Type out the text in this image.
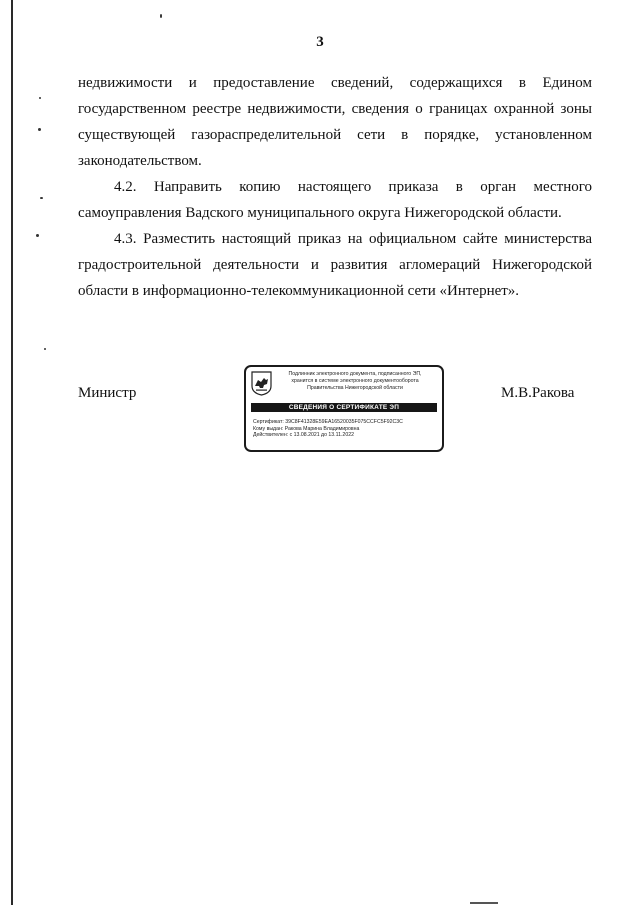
3

недвижимости и предоставление сведений, содержащихся в Едином

государственном реестре недвижимости, сведения о границах охранной зоны

существующей газораспределительной сети в порядке, установленном

законодательством.

4.2. Направить копию настоящего приказа в орган местного самоуправления Вадского муниципального округа Нижегородской области.

4.3. Разместить настоящий приказ на официальном сайте министерства градостроительной деятельности и развития агломераций Нижегородской области в информационно-телекоммуникационной сети «Интернет».

Министр	М.В.Ракова
Подлинник электронного документа, подписанного ЭП,
хранится в системе электронного документооборота
Правительства Нижегородской области
СВЕДЕНИЯ О СЕРТИФИКАТЕ ЭП
Сертификат: 39C8F41328E59EA16520035F075CCFC5F92C3C
Кому выдан: Ракова Марина Владимировна
Действителен: с 13.08.2021 до 13.11.2022
